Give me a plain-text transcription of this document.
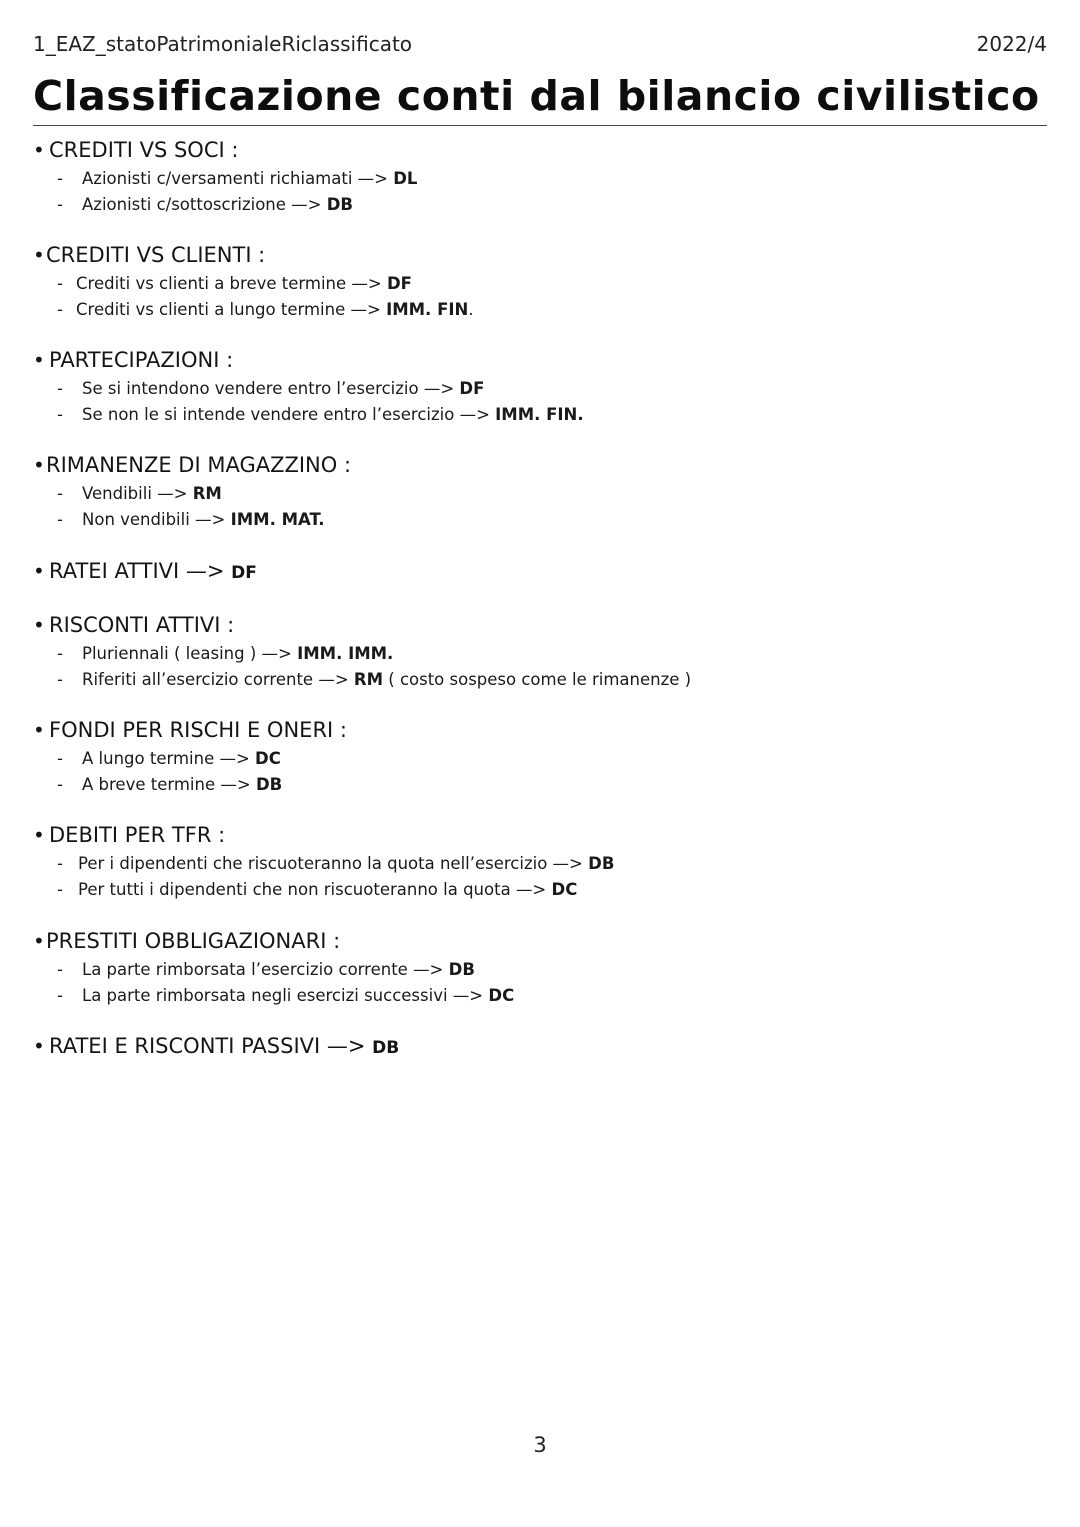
1_EAZ_statoPatrimonialeRiclassificato	2022/4
Classificazione conti dal bilancio civilistico
• CREDITI VS SOCI :
- Azionisti c/versamenti richiamati —> DL
- Azionisti c/sottoscrizione —> DB
•CREDITI VS CLIENTI :
- Crediti vs clienti a breve termine —> DF
- Crediti vs clienti a lungo termine —> IMM. FIN.
• PARTECIPAZIONI :
- Se si intendono vendere entro l’esercizio —> DF
- Se non le si intende vendere entro l’esercizio —> IMM. FIN.
•RIMANENZE DI MAGAZZINO :
- Vendibili —> RM
- Non vendibili —> IMM. MAT.
• RATEI ATTIVI —> DF
• RISCONTI ATTIVI :
- Pluriennali ( leasing ) —> IMM. IMM.
- Riferiti all’esercizio corrente —> RM ( costo sospeso come le rimanenze )
• FONDI PER RISCHI E ONERI :
- A lungo termine —> DC
- A breve termine —> DB
• DEBITI PER TFR :
- Per i dipendenti che riscuoteranno la quota nell’esercizio —> DB
- Per tutti i dipendenti che non riscuoteranno la quota —> DC
•PRESTITI OBBLIGAZIONARI :
- La parte rimborsata l’esercizio corrente —> DB
- La parte rimborsata negli esercizi successivi —> DC
• RATEI E RISCONTI PASSIVI —> DB
3
